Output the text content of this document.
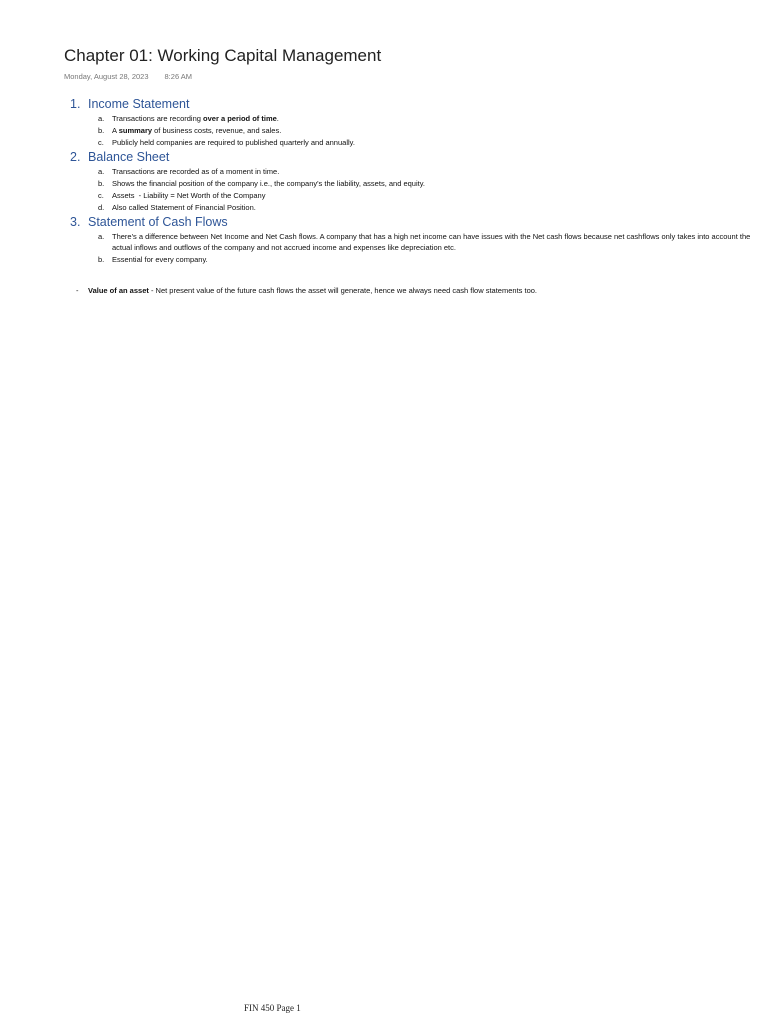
Chapter 01: Working Capital Management
Monday, August 28, 2023 8:26 AM
1. Income Statement
a. Transactions are recording over a period of time.
b. A summary of business costs, revenue, and sales.
c. Publicly held companies are required to published quarterly and annually.
2. Balance Sheet
a. Transactions are recorded as of a moment in time.
b. Shows the financial position of the company i.e., the company's the liability, assets, and equity.
c. Assets  - Liability = Net Worth of the Company
d. Also called Statement of Financial Position.
3. Statement of Cash Flows
a. There's a difference between Net Income and Net Cash flows. A company that has a high net income can have issues with the Net cash flows because net cashflows only takes into account the actual inflows and outflows of the company and not accrued income and expenses like depreciation etc.
b. Essential for every company.
- Value of an asset - Net present value of the future cash flows the asset will generate, hence we always need cash flow statements too.
FIN 450 Page 1
